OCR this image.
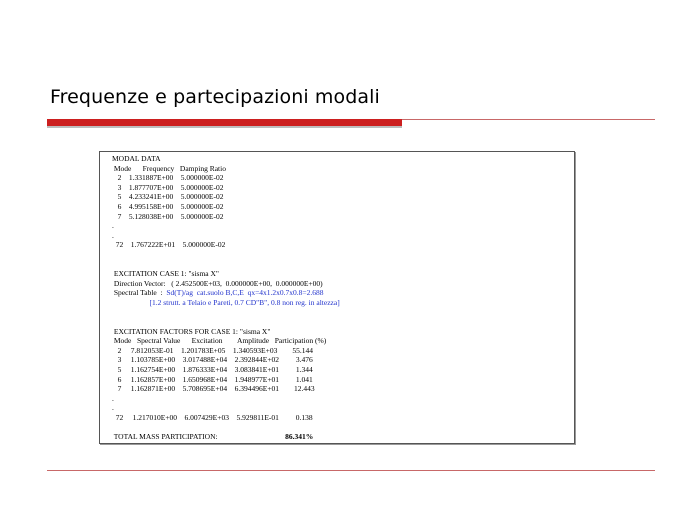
Frequenze e partecipazioni modali
MODAL DATA
Mode      Frequency   Damping Ratio
2    1.331887E+00    5.000000E-02
3    1.877707E+00    5.000000E-02
5    4.233241E+00    5.000000E-02
6    4.995158E+00    5.000000E-02
7    5.128038E+00    5.000000E-02
.
.
72    1.767222E+01    5.000000E-02
EXCITATION CASE 1: "sisma X"
Direction Vector:   ( 2.452500E+03,  0.000000E+00,  0.000000E+00)
Spectral Table  :  Sd(T)/ag  cat.suolo B,C,E  qx=4x1.2x0.7x0.8=2.688
[1.2 strutt. a Telaio e Pareti, 0.7 CD"B", 0.8 non reg. in altezza]
EXCITATION FACTORS FOR CASE 1: "sisma X"
Mode   Spectral Value      Excitation        Amplitude   Participation (%)
2     7.812053E-01    1.201783E+05    1.340593E+03        55.144
3     1.103785E+00    3.017488E+04    2.392844E+02         3.476
5     1.162754E+00    1.876333E+04    3.083841E+01         1.344
6     1.162857E+00    1.650968E+04    1.948977E+01         1.041
7     1.162871E+00    5.708695E+04    6.394496E+01        12.443
.
.
72     1.217010E+00    6.007429E+03    5.929811E-01         0.138
TOTAL MASS PARTICIPATION:                                    86.341%
